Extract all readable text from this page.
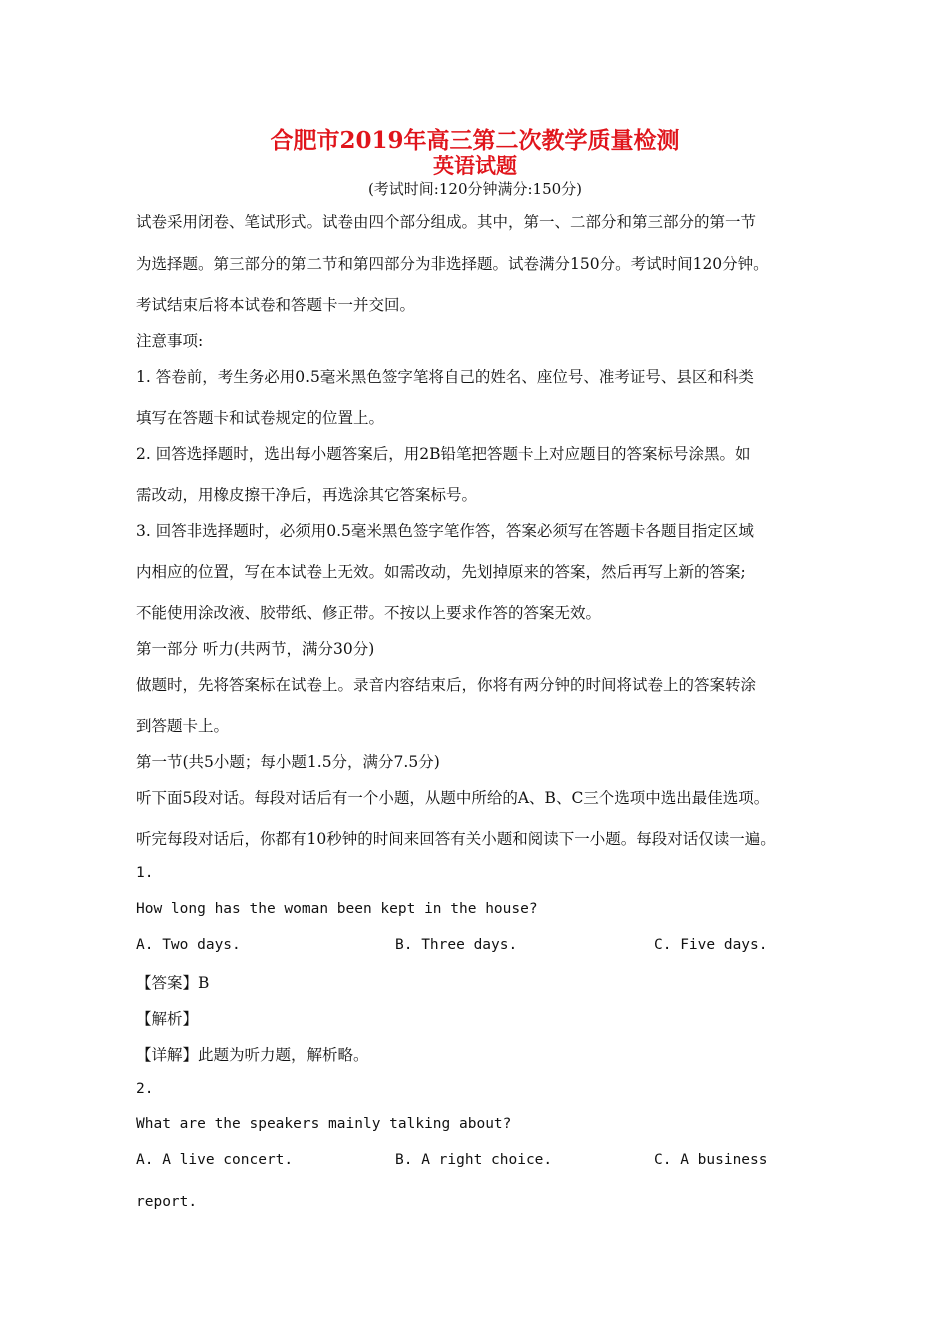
合肥市2019年高三第二次教学质量检测
英语试题
(考试时间:120分钟满分:150分)
试卷采用闭卷、笔试形式。试卷由四个部分组成。其中，第一、二部分和第三部分的第一节
为选择题。第三部分的第二节和第四部分为非选择题。试卷满分150分。考试时间120分钟。
考试结束后将本试卷和答题卡一并交回。
注意事项:
1. 答卷前，考生务必用0.5毫米黑色签字笔将自己的姓名、座位号、准考证号、县区和科类
填写在答题卡和试卷规定的位置上。
2. 回答选择题时，选出每小题答案后，用2B铅笔把答题卡上对应题目的答案标号涂黑。如
需改动，用橡皮擦干净后，再选涂其它答案标号。
3. 回答非选择题时，必须用0.5毫米黑色签字笔作答，答案必须写在答题卡各题目指定区域
内相应的位置，写在本试卷上无效。如需改动，先划掉原来的答案，然后再写上新的答案;
不能使用涂改液、胶带纸、修正带。不按以上要求作答的答案无效。
第一部分 听力(共两节，满分30分)
做题时，先将答案标在试卷上。录音内容结束后，你将有两分钟的时间将试卷上的答案转涂
到答题卡上。
第一节(共5小题；每小题1.5分，满分7.5分)
听下面5段对话。每段对话后有一个小题，从题中所给的A、B、C三个选项中选出最佳选项。
听完每段对话后，你都有10秒钟的时间来回答有关小题和阅读下一小题。每段对话仅读一遍。
1.
How long has the woman been kept in the house?
A. Two days.	B. Three days.	C. Five days.
【答案】B
【解析】
【详解】此题为听力题，解析略。
2.
What are the speakers mainly talking about?
A. A live concert.	B. A right choice.	C. A business
report.
